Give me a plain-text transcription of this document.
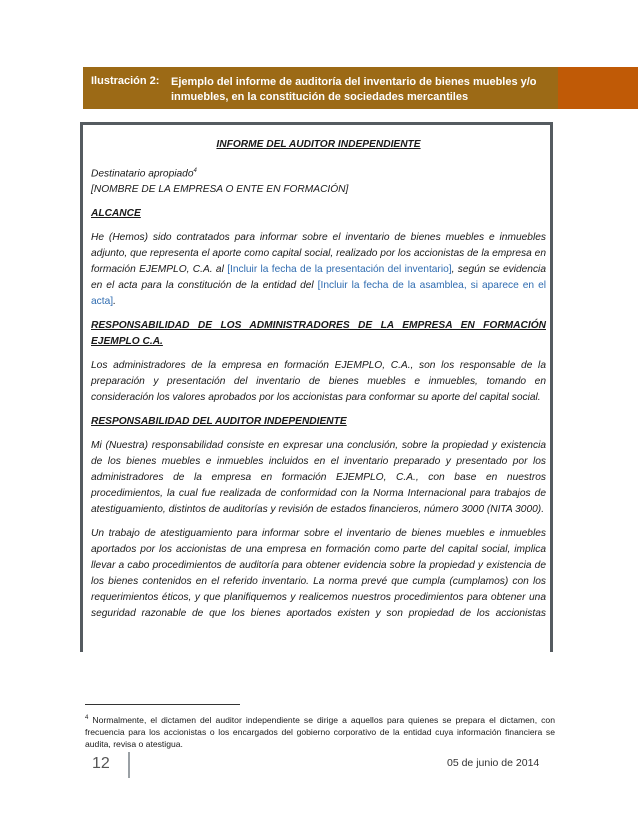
Ilustración 2: Ejemplo del informe de auditoría del inventario de bienes muebles y/o inmuebles, en la constitución de sociedades mercantiles

INFORME DEL AUDITOR INDEPENDIENTE

Destinatario apropiado$^4$

[NOMBRE DE LA EMPRESA O ENTE EN FORMACIÓN]

ALCANCE

He (Hemos) sido contratados para informar sobre el inventario de bienes muebles e inmuebles adjunto, que representa el aporte como capital social, realizado por los accionistas de la empresa en formación EJEMPLO, C.A. al [Incluir la fecha de la presentación del inventario], según se evidencia en el acta para la constitución de la entidad del [Incluir la fecha de la asamblea, si aparece en el acta].

RESPONSABILIDAD DE LOS ADMINISTRADORES DE LA EMPRESA EN FORMACIÓN EJEMPLO C.A.

Los administradores de la empresa en formación EJEMPLO, C.A., son los responsable de la preparación y presentación del inventario de bienes muebles e inmuebles, tomando en consideración los valores aprobados por los accionistas para conformar su aporte del capital social.

RESPONSABILIDAD DEL AUDITOR INDEPENDIENTE

Mi (Nuestra) responsabilidad consiste en expresar una conclusión, sobre la propiedad y existencia de los bienes muebles e inmuebles incluidos en el inventario preparado y presentado por los administradores de la empresa en formación EJEMPLO, C.A., con base en nuestros procedimientos, la cual fue realizada de conformidad con la Norma Internacional para trabajos de atestiguamiento, distintos de auditorías y revisión de estados financieros, número 3000 (NITA 3000).

Un trabajo de atestiguamiento para informar sobre el inventario de bienes muebles e inmuebles aportados por los accionistas de una empresa en formación como parte del capital social, implica llevar a cabo procedimientos de auditoría para obtener evidencia sobre la propiedad y existencia de los bienes contenidos en el referido inventario. La norma prevé que cumpla (cumplamos) con los requerimientos éticos, y que planifiquemos y realicemos nuestros procedimientos para obtener una seguridad razonable de que los bienes aportados existen y son propiedad de los accionistas

$^4$ Normalmente, el dictamen del auditor independiente se dirige a aquellos para quienes se prepara el dictamen, con frecuencia para los accionistas o los encargados del gobierno corporativo de la entidad cuya información financiera se audita, revisa o atestigua.
12	05 de junio de 2014
